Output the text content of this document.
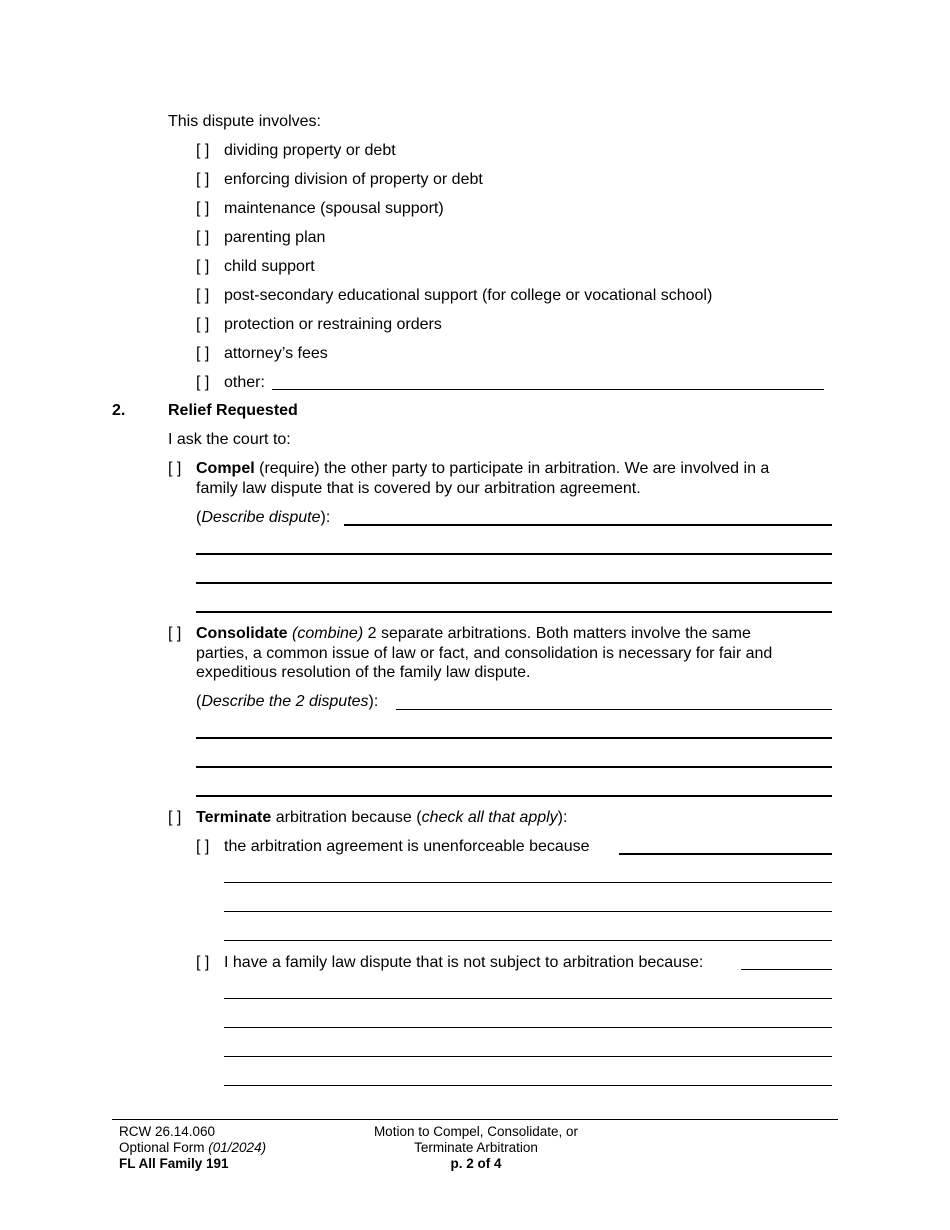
This dispute involves:
[ ] dividing property or debt
[ ] enforcing division of property or debt
[ ] maintenance (spousal support)
[ ] parenting plan
[ ] child support
[ ] post-secondary educational support (for college or vocational school)
[ ] protection or restraining orders
[ ] attorney’s fees
[ ] other:
2.	Relief Requested
I ask the court to:
[ ] Compel (require) the other party to participate in arbitration. We are involved in a
family law dispute that is covered by our arbitration agreement.
(Describe dispute):
[ ] Consolidate (combine) 2 separate arbitrations. Both matters involve the same
parties, a common issue of law or fact, and consolidation is necessary for fair and
expeditious resolution of the family law dispute.
(Describe the 2 disputes):
[ ] Terminate arbitration because (check all that apply):
[ ] the arbitration agreement is unenforceable because
[ ] I have a family law dispute that is not subject to arbitration because:
RCW 26.14.060
Optional Form (01/2024)
FL All Family 191
Motion to Compel, Consolidate, or
Terminate Arbitration
p. 2 of 4
